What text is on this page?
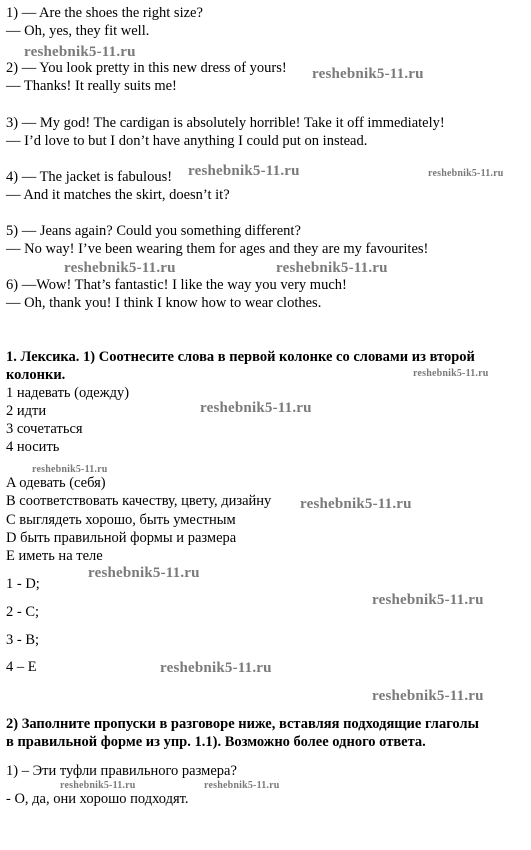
1) — Are the shoes the right size?
— Oh, yes, they fit well.
2) — You look pretty in this new dress of yours!
— Thanks! It really suits me!
3) — My god! The cardigan is absolutely horrible! Take it off immediately!
— I’d love to but I don’t have anything I could put on instead.
4) — The jacket is fabulous!
— And it matches the skirt, doesn’t it?
5) — Jeans again? Could you something different?
— No way! I’ve been wearing them for ages and they are my favourites!
6) —Wow! That’s fantastic! I like the way you very much!
— Oh, thank you! I think I know how to wear clothes.
1. Лексика. 1) Соотнесите слова в первой колонке со словами из второй
колонки.
1 надевать (одежду)
2 идти
3 сочетаться
4 носить
A одевать (себя)
B соответствовать качеству, цвету, дизайну
C выглядеть хорошо, быть уместным
D быть правильной формы и размера
E иметь на теле
1 - D;
2 - C;
3 - B;
4 – E
2) Заполните пропуски в разговоре ниже, вставляя подходящие глаголы
в правильной форме из упр. 1.1). Возможно более одного ответа.
1) – Эти туфли правильного размера?
- О, да, они хорошо подходят.
reshebnik5-11.ru
reshebnik5-11.ru
reshebnik5-11.ru	reshebnik5-11.ru
reshebnik5-11.ru	reshebnik5-11.ru
reshebnik5-11.ru
reshebnik5-11.ru
reshebnik5-11.ru
reshebnik5-11.ru
reshebnik5-11.ru
reshebnik5-11.ru
reshebnik5-11.ru
reshebnik5-11.ru
reshebnik5-11.ru	reshebnik5-11.ru
